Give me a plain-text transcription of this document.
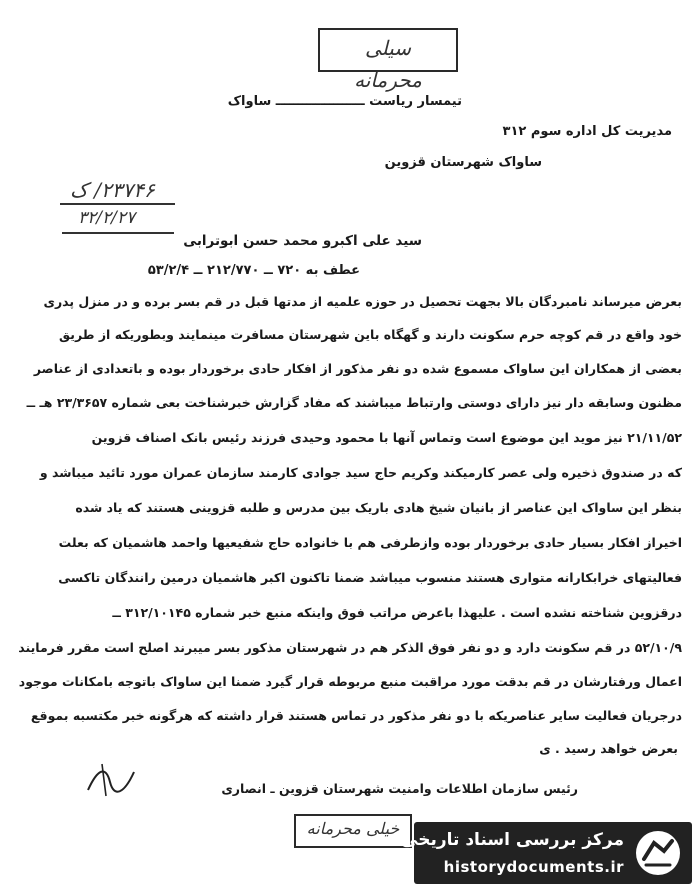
سیلی محرمانه
تیمسار ریاست ــــــــــــــــــــ ساواک
مدیریت کل اداره سوم ۳۱۲
ساواک شهرستان قزوین
۲۳۷۴۶/ ک
۳۲/۲/۲۷
سید علی اکبرو محمد حسن ابوترابی
عطف به ۷۲۰ ــ ۲۱۲/۷۷۰ ــ ۵۳/۲/۴
بعرض میرساند نامبردگان بالا بجهت تحصیل در حوزه علمیه از مدتها قبل در قم بسر برده و در منزل پدری
خود واقع در قم کوچه حرم سکونت دارند و گهگاه باین شهرستان مسافرت مینمایند وبطوریکه از طریق
بعضی از همکاران این ساواک مسموع شده دو نفر مذکور از افکار حادی برخوردار بوده و باتعدادی از عناصر
مظنون وسابقه دار نیز دارای دوستی وارتباط میباشند که مفاد گزارش خبرشناخت بعی شماره ۲۳/۳۶۵۷ هـ ــ
۲۱/۱۱/۵۲ نیز موید این موضوع است وتماس آنها با محمود وحیدی فرزند رئیس بانک اصناف قزوین
که در صندوق ذخیره ولی عصر کارمیکند وکریم حاج سید جوادی کارمند سازمان عمران مورد تائید میباشد و
بنظر این ساواک این عناصر از بانیان شیخ هادی باریک بین مدرس و طلبه قزوینی هستند که یاد شده
اخیراز افکار بسیار حادی برخوردار بوده وازطرفی هم با خانواده حاج شفیعیها واحمد هاشمیان که بعلت
فعالیتهای خرابکارانه متواری هستند منسوب میباشد ضمنا تاکنون اکبر هاشمیان درمین رانندگان تاکسی
درقزوین شناخته نشده است . علیهذا باعرض مراتب فوق واینکه منبع خبر شماره ۳۱۲/۱۰۱۴۵ ــ
۵۲/۱۰/۹ در قم سکونت دارد و دو نفر فوق الذکر هم در شهرستان مذکور بسر میبرند اصلح است مقرر فرمایند
اعمال ورفتارشان در قم بدقت مورد مراقبت منبع مربوطه قرار گیرد ضمنا این ساواک باتوجه بامکانات موجود
درجریان فعالیت سایر عناصریکه با دو نفر مذکور در تماس هستند قرار داشته که هرگونه خبر مکتسبه بموقع
بعرض خواهد رسید . ی
رئیس سازمان اطلاعات وامنیت شهرستان قزوین ـ انصاری
خیلی محرمانه
مرکز بررسی اسناد تاریخی
historydocuments.ir
